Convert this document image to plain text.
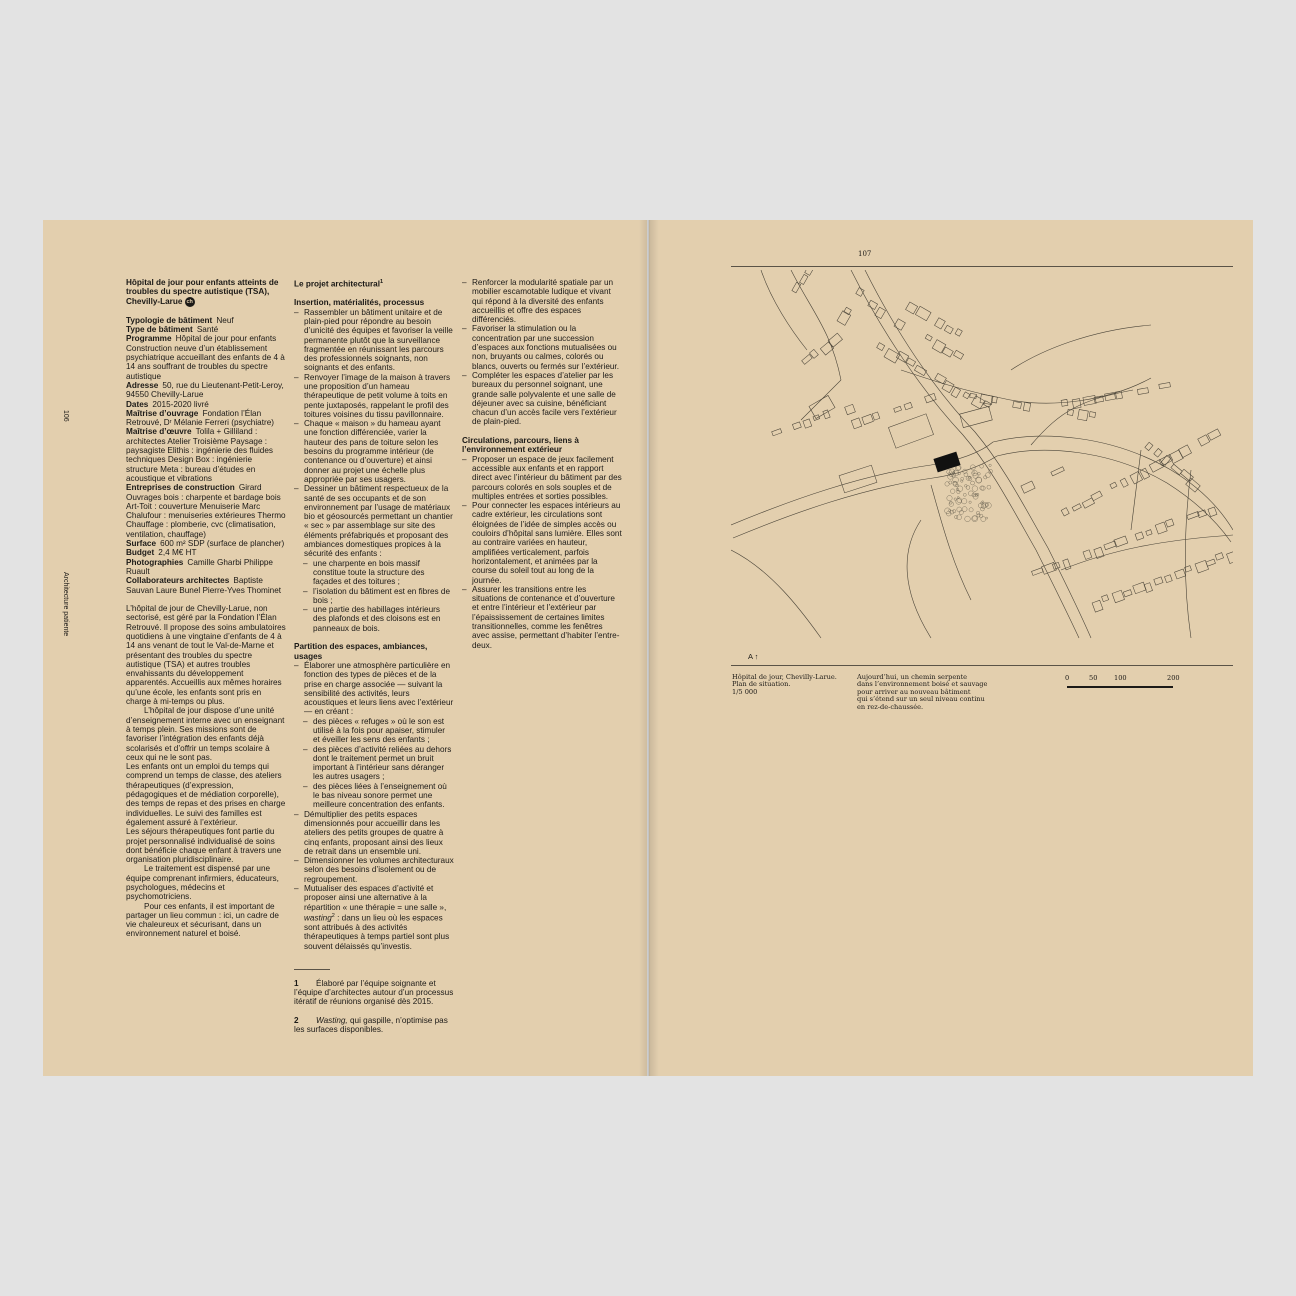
106
Architecture patiente

Hôpital de jour pour enfants atteints de troubles du spectre autistique (TSA), Chevilly-Larue ch

Typologie de bâtiment  Neuf

Type de bâtiment  Santé

Programme  Hôpital de jour pour enfants Construction neuve d’un établissement psychiatrique accueillant des enfants de 4 à 14 ans souffrant de troubles du spectre autistique

Adresse  50, rue du Lieutenant-Petit-Leroy, 94550 Chevilly-Larue

Dates  2015-2020 livré

Maîtrise d’ouvrage  Fondation l’Élan Retrouvé, Dʳ Mélanie Ferreri (psychiatre)

Maîtrise d’œuvre  Tolila + Gilliland : architectes Atelier Troisième Paysage : paysagiste Elithis : ingénierie des fluides techniques Design Box : ingénierie structure Meta : bureau d’études en acoustique et vibrations

Entreprises de construction  Girard Ouvrages bois : charpente et bardage bois Art-Toit : couverture Menuiserie Marc Chalufour : menuiseries extérieures Thermo Chauffage : plomberie, cvc (climatisation, ventilation, chauffage)

Surface  600 m² SDP (surface de plancher)

Budget  2,4 M€ HT

Photographies  Camille Gharbi Philippe Ruault

Collaborateurs architectes  Baptiste Sauvan Laure Bunel Pierre-Yves Thominet

L’hôpital de jour de Chevilly-Larue, non sectorisé, est géré par la Fondation l’Élan Retrouvé. Il propose des soins ambulatoires quotidiens à une vingtaine d’enfants de 4 à 14 ans venant de tout le Val-de-Marne et présentant des troubles du spectre autistique (TSA) et autres troubles envahissants du développement apparentés. Accueillis aux mêmes horaires qu’une école, les enfants sont pris en charge à mi-temps ou plus.

L’hôpital de jour dispose d’une unité d’enseignement interne avec un enseignant à temps plein. Ses missions sont de favoriser l’intégration des enfants déjà scolarisés et d’offrir un temps scolaire à ceux qui ne le sont pas.

Les enfants ont un emploi du temps qui comprend un temps de classe, des ateliers thérapeutiques (d’expression, pédagogiques et de médiation corporelle), des temps de repas et des prises en charge individuelles. Le suivi des familles est également assuré à l’extérieur.

Les séjours thérapeutiques font partie du projet personnalisé individualisé de soins dont bénéficie chaque enfant à travers une organisation pluridisciplinaire.

Le traitement est dispensé par une équipe comprenant infirmiers, éducateurs, psychologues, médecins et psychomotriciens.

Pour ces enfants, il est important de partager un lieu commun : ici, un cadre de vie chaleureux et sécurisant, dans un environnement naturel et boisé.

Le projet architectural$^1$

Insertion, matérialités, processus

– Rassembler un bâtiment unitaire et de plain-pied pour répondre au besoin d’unicité des équipes et favoriser la veille permanente plutôt que la surveillance fragmentée en réunissant les parcours des professionnels soignants, non soignants et des enfants.

– Renvoyer l’image de la maison à travers une proposition d’un hameau thérapeutique de petit volume à toits en pente juxtaposés, rappelant le profil des toitures voisines du tissu pavillonnaire.

– Chaque « maison » du hameau ayant une fonction différenciée, varier la hauteur des pans de toiture selon les besoins du programme intérieur (de contenance ou d’ouverture) et ainsi donner au projet une échelle plus appropriée par ses usagers.

– Dessiner un bâtiment respectueux de la santé de ses occupants et de son environnement par l’usage de matériaux bio et géosourcés permettant un chantier « sec » par assemblage sur site des éléments préfabriqués et proposant des ambiances domestiques propices à la sécurité des enfants :

– une charpente en bois massif constitue toute la structure des façades et des toitures ;

– l’isolation du bâtiment est en fibres de bois ;

– une partie des habillages intérieurs des plafonds et des cloisons est en panneaux de bois.

Partition des espaces, ambiances, usages

– Élaborer une atmosphère particulière en fonction des types de pièces et de la prise en charge associée — suivant la sensibilité des activités, leurs acoustiques et leurs liens avec l’extérieur — en créant :

– des pièces « refuges » où le son est utilisé à la fois pour apaiser, stimuler et éveiller les sens des enfants ;

– des pièces d’activité reliées au dehors dont le traitement permet un bruit important à l’intérieur sans déranger les autres usagers ;

– des pièces liées à l’enseignement où le bas niveau sonore permet une meilleure concentration des enfants.

– Démultiplier des petits espaces dimensionnés pour accueillir dans les ateliers des petits groupes de quatre à cinq enfants, proposant ainsi des lieux de retrait dans un ensemble uni.

– Dimensionner les volumes architecturaux selon des besoins d’isolement ou de regroupement.

– Mutualiser des espaces d’activité et proposer ainsi une alternative à la répartition « une thérapie = une salle », wasting$^2$ : dans un lieu où les espaces sont attribués à des activités thérapeutiques à temps partiel sont plus souvent délaissés qu’investis.

1 Élaboré par l’équipe soignante et l’équipe d’architectes autour d’un processus itératif de réunions organisé dès 2015.

2 Wasting, qui gaspille, n’optimise pas les surfaces disponibles.

– Renforcer la modularité spatiale par un mobilier escamotable ludique et vivant qui répond à la diversité des enfants accueillis et offre des espaces différenciés.

– Favoriser la stimulation ou la concentration par une succession d’espaces aux fonctions mutualisées ou non, bruyants ou calmes, colorés ou blancs, ouverts ou fermés sur l’extérieur.

– Compléter les espaces d’atelier par les bureaux du personnel soignant, une grande salle polyvalente et une salle de déjeuner avec sa cuisine, bénéficiant chacun d’un accès facile vers l’extérieur de plain-pied.

Circulations, parcours, liens à l’environnement extérieur

– Proposer un espace de jeux facilement accessible aux enfants et en rapport direct avec l’intérieur du bâtiment par des parcours colorés en sols souples et de multiples entrées et sorties possibles.

– Pour connecter les espaces intérieurs au cadre extérieur, les circulations sont éloignées de l’idée de simples accès ou couloirs d’hôpital sans lumière. Elles sont au contraire variées en hauteur, amplifiées verticalement, parfois horizontalement, et animées par la course du soleil tout au long de la journée.

– Assurer les transitions entre les situations de contenance et d’ouverture et entre l’intérieur et l’extérieur par l’épaississement de certaines limites transitionnelles, comme les fenêtres avec assise, permettant d’habiter l’entre-deux.

107
A ↑
Hôpital de jour, Chevilly-Larue.
Plan de situation.
1/5 000
Aujourd’hui, un chemin serpente
dans l’environnement boisé et sauvage
pour arriver au nouveau bâtiment
qui s’étend sur un seul niveau continu
en rez-de-chaussée.
0	50	100	200
